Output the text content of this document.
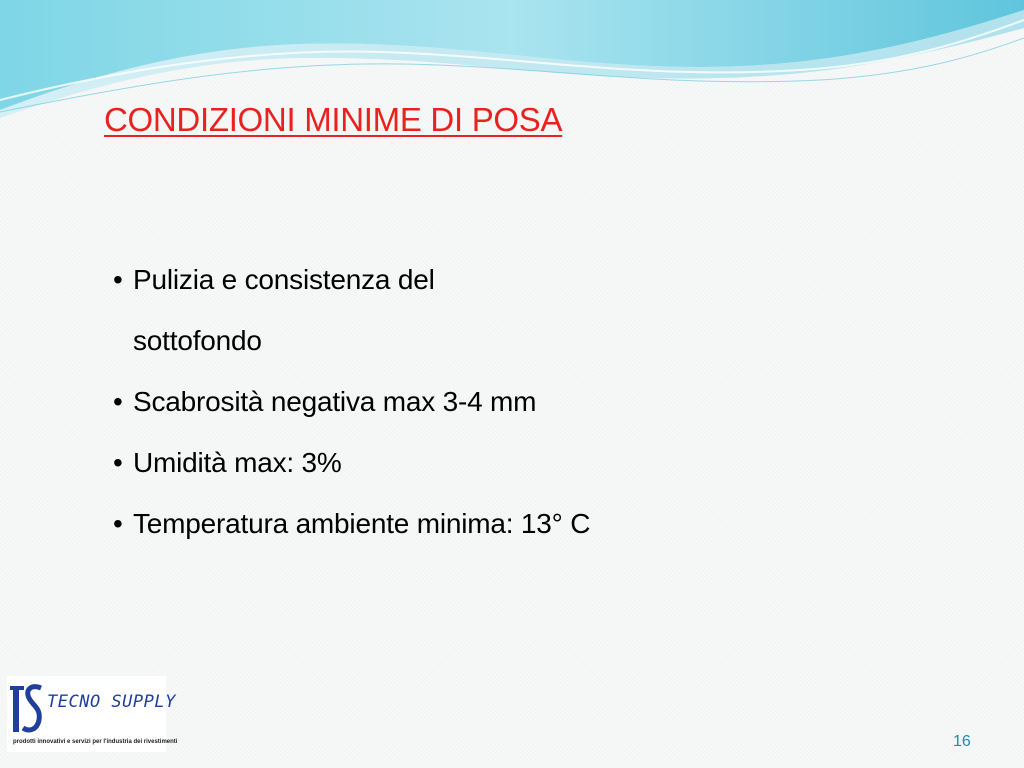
CONDIZIONI MINIME DI POSA
• Pulizia e consistenza del
sottofondo
• Scabrosità negativa max 3-4 mm
• Umidità max: 3%
• Temperatura ambiente minima: 13° C
TECNO SUPPLY
prodotti innovativi e servizi per l'industria dei rivestimenti	16
